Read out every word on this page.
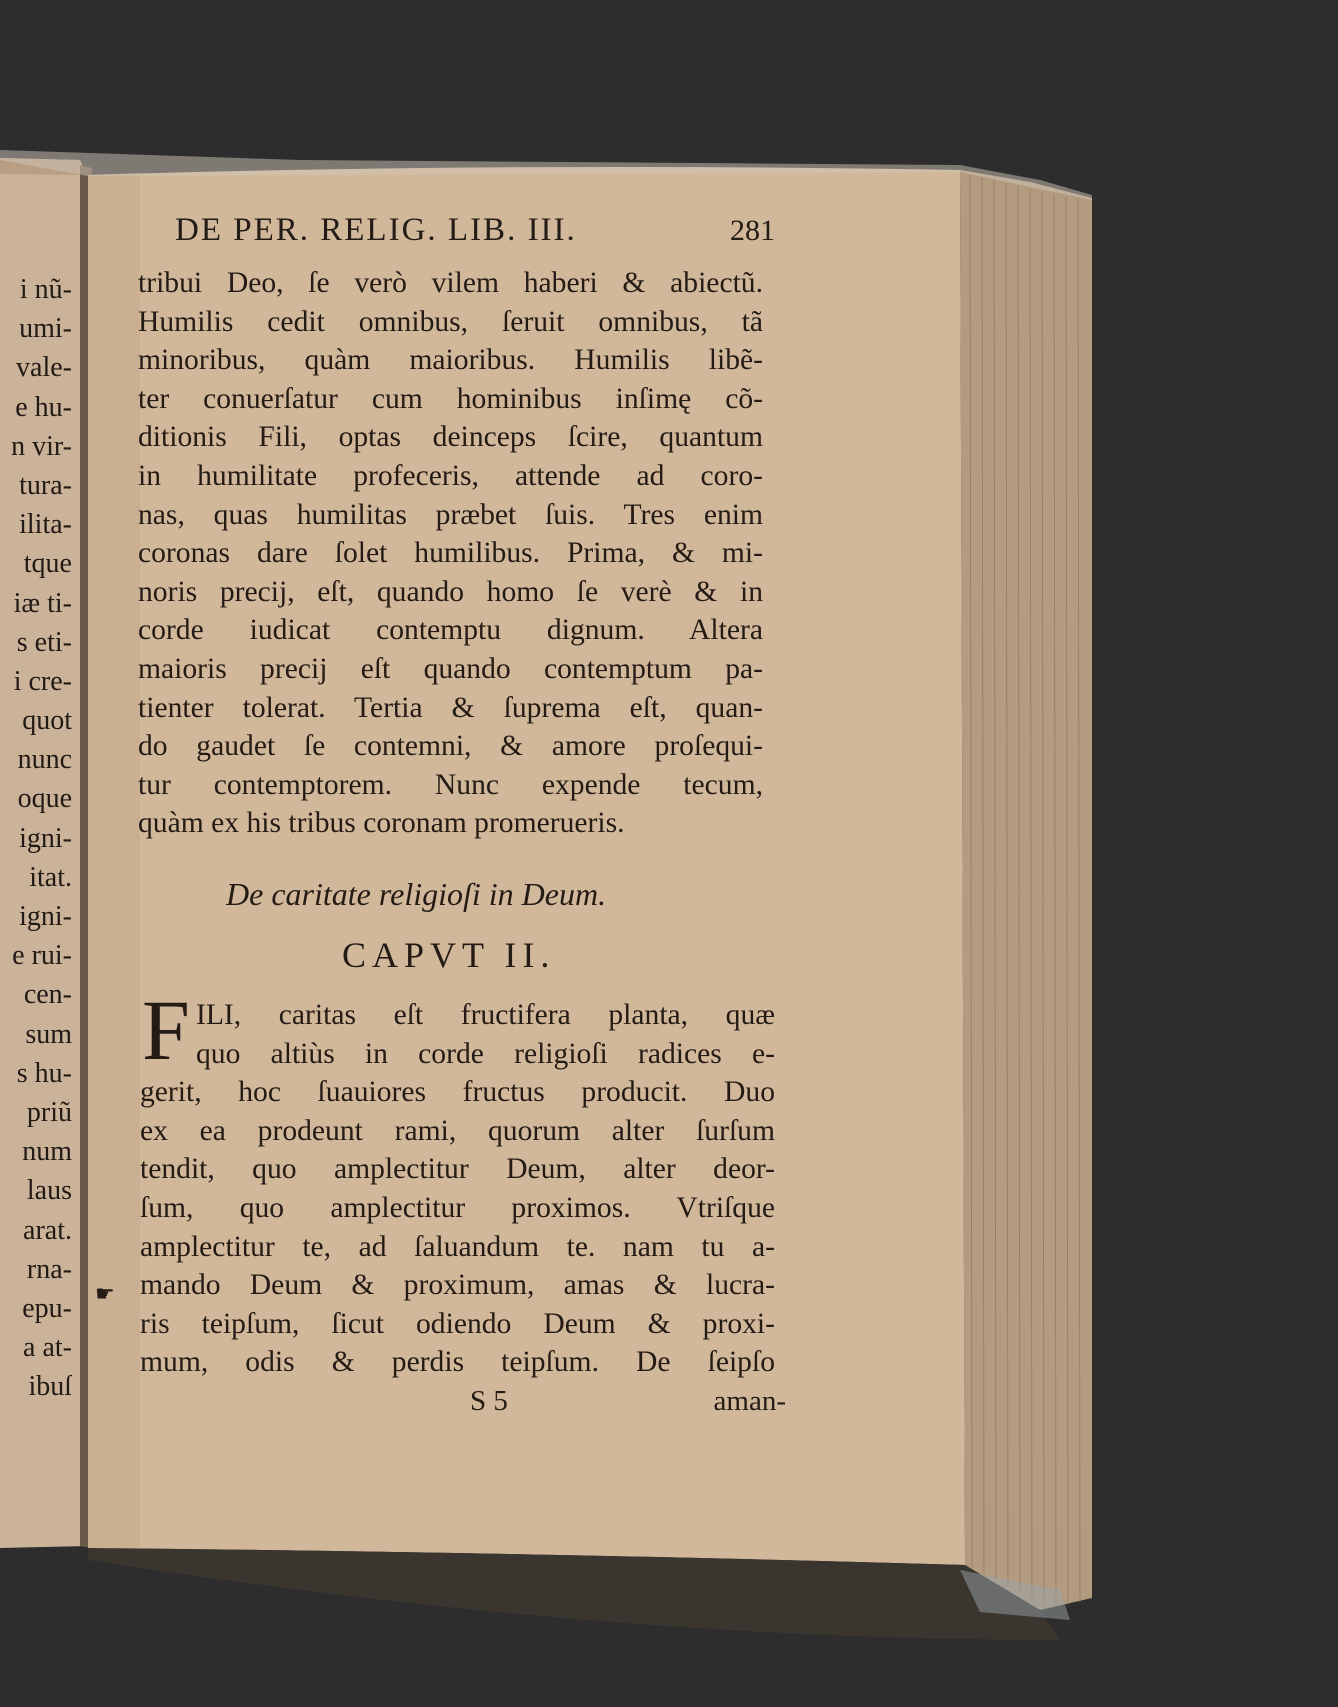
i nũ-
umi-
vale-
e hu-
n vir-
tura-
ilita-
tque
iæ ti-
s eti-
i cre-
quot
nunc
oque
igni-
itat.
igni-
e rui-
cen-
sum
s hu-
priũ
num
laus
arat.
rna-
epu-
a at-
ibuſ
DE PER. RELIG. LIB. III.	281
tribui Deo, ſe verò vilem haberi & abiectũ.
Humilis cedit omnibus, ſeruit omnibus, tã
minoribus, quàm maioribus. Humilis libẽ-
ter conuerſatur cum hominibus inſimę cõ-
ditionis Fili, optas deinceps ſcire, quantum
in humilitate profeceris, attende ad coro-
nas, quas humilitas præbet ſuis. Tres enim
coronas dare ſolet humilibus. Prima, & mi-
noris precij, eſt, quando homo ſe verè & in
corde iudicat contemptu dignum. Altera
maioris precij eſt quando contemptum pa-
tienter tolerat. Tertia & ſuprema eſt, quan-
do gaudet ſe contemni, & amore proſequi-
tur contemptorem. Nunc expende tecum,
quàm ex his tribus coronam promerueris.
De caritate religioſi in Deum.
CAPVT II.
F ILI, caritas eſt fructifera planta, quæ
quo altiùs in corde religioſi radices e-
gerit, hoc ſuauiores fructus producit. Duo
ex ea prodeunt rami, quorum alter ſurſum
tendit, quo amplectitur Deum, alter deor-
ſum, quo amplectitur proximos. Vtriſque
amplectitur te, ad ſaluandum te. nam tu a-
mando Deum & proximum, amas & lucra-
ris teipſum, ſicut odiendo Deum & proxi-
mum, odis & perdis teipſum. De ſeipſo
☛
S 5	aman-
